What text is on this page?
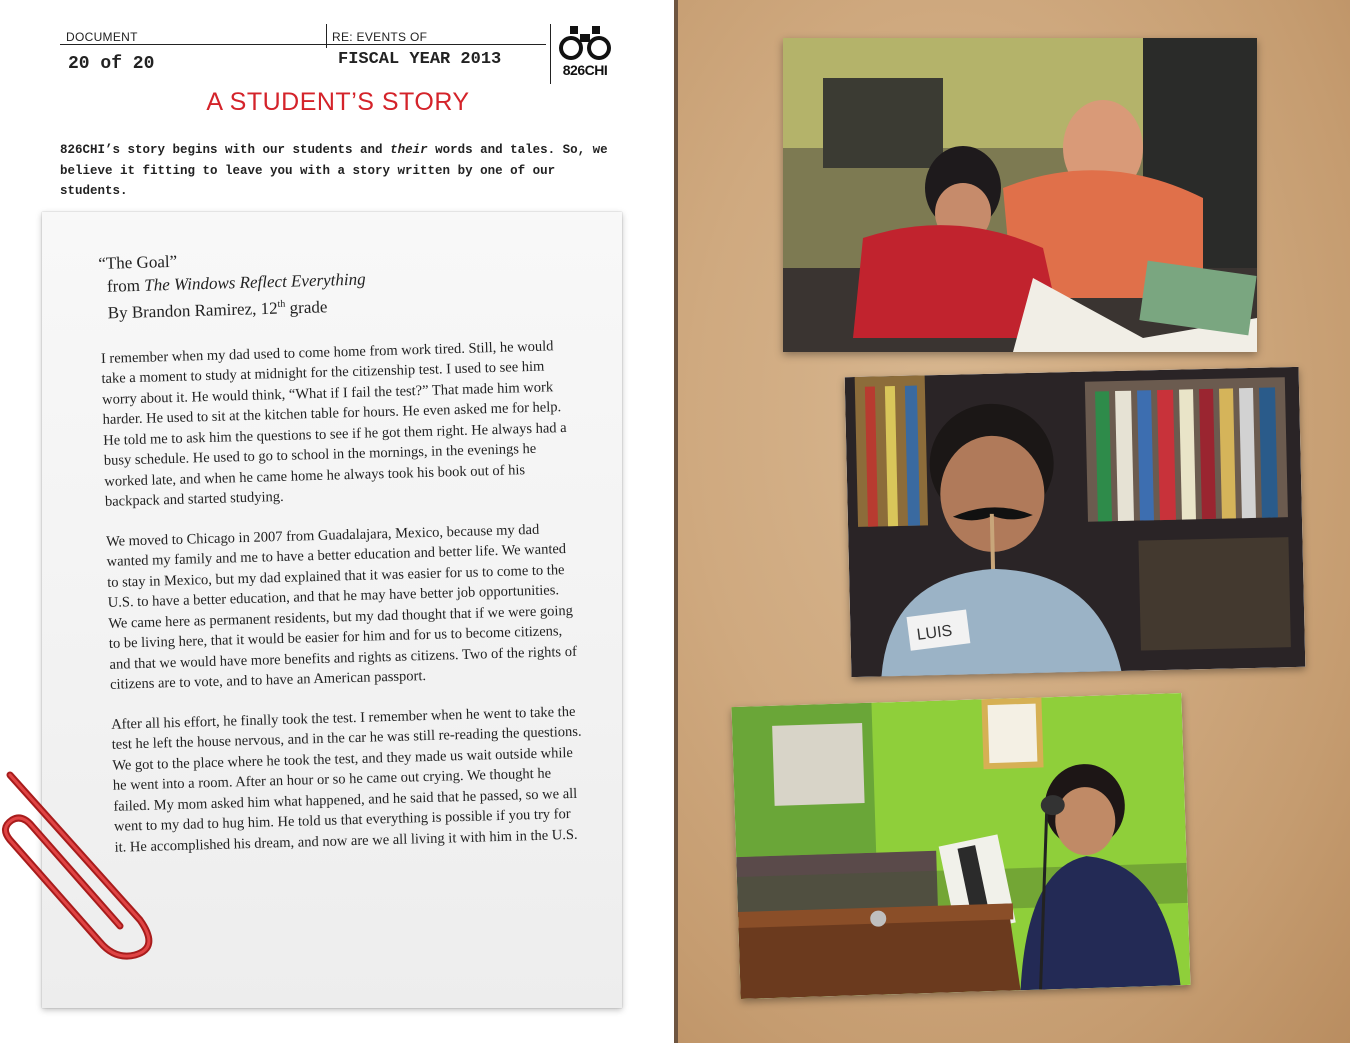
DOCUMENT	RE: EVENTS OF
20 of 20	FISCAL YEAR 2013
826CHI
A STUDENT’S STORY

826CHI’s story begins with our students and their words and tales. So, we believe it fitting to leave you with a story written by one of our students.

“The Goal”
from The Windows Reflect Everything
By Brandon Ramirez, 12th grade

I remember when my dad used to come home from work tired. Still, he would take a moment to study at midnight for the citizenship test. I used to see him worry about it. He would think, “What if I fail the test?” That made him work harder. He used to sit at the kitchen table for hours. He even asked me for help. He told me to ask him the questions to see if he got them right. He always had a busy schedule. He used to go to school in the mornings, in the evenings he worked late, and when he came home he always took his book out of his backpack and started studying.

We moved to Chicago in 2007 from Guadalajara, Mexico, because my dad wanted my family and me to have a better education and better life. We wanted to stay in Mexico, but my dad explained that it was easier for us to come to the U.S. to have a better education, and that he may have better job opportunities. We came here as permanent residents, but my dad thought that if we were going to be living here, that it would be easier for him and for us to become citizens, and that we would have more benefits and rights as citizens. Two of the rights of citizens are to vote, and to have an American passport.

After all his effort, he finally took the test. I remember when he went to take the test he left the house nervous, and in the car he was still re-reading the questions. We got to the place where he took the test, and they made us wait outside while he went into a room. After an hour or so he came out crying. We thought he failed. My mom asked him what happened, and he said that he passed, so we all went to my dad to hug him. He told us that everything is possible if you try for it. He accomplished his dream, and now are we all living it with him in the U.S.

LUIS
